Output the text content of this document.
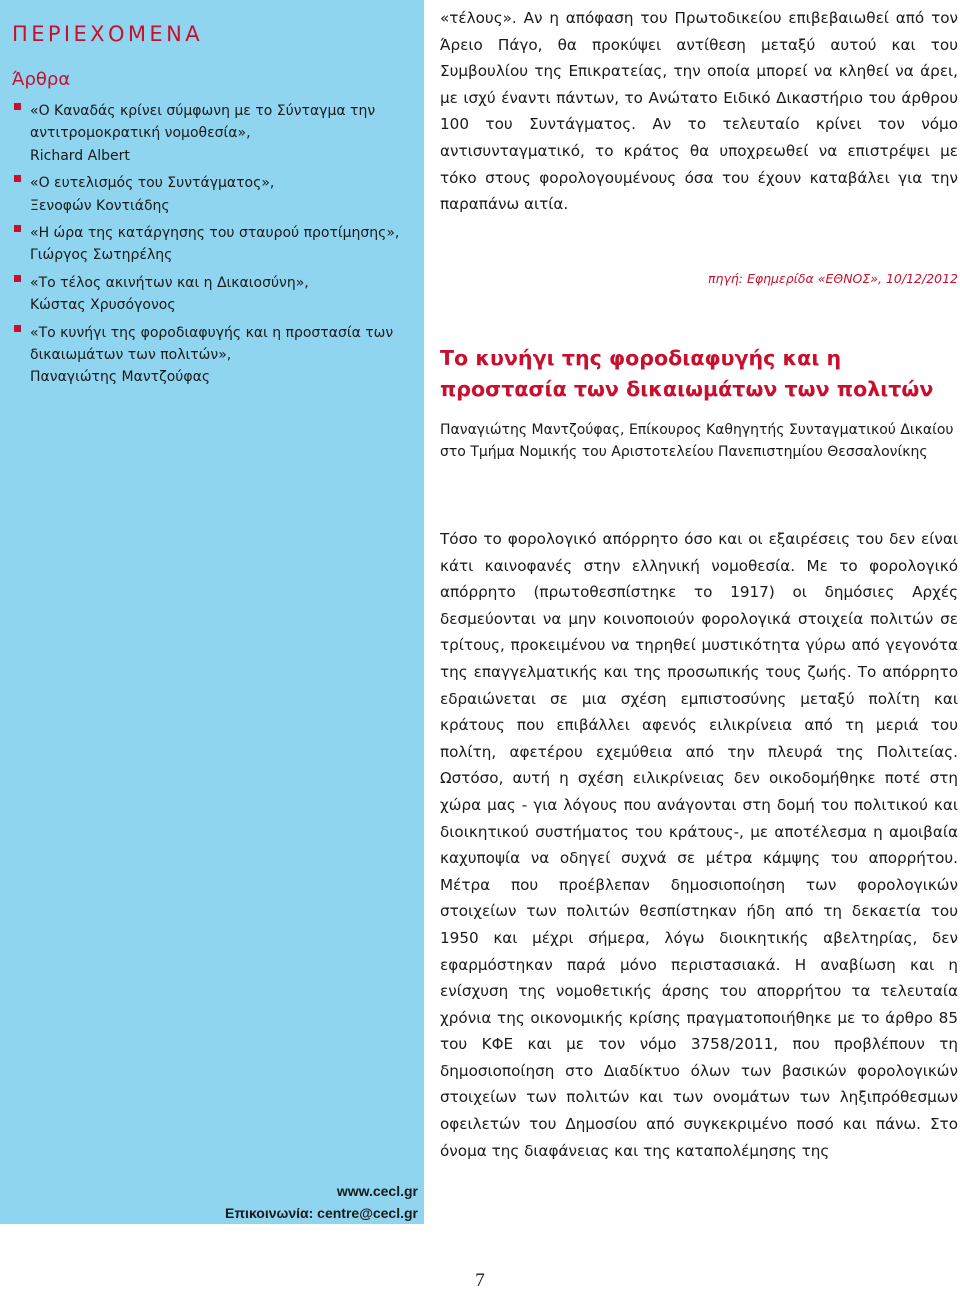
ΠΕΡΙΕΧΟΜΕΝΑ
Άρθρα
«Ο Καναδάς κρίνει σύμφωνη με το Σύνταγμα την αντιτρομοκρατική νομοθεσία»,
Richard Albert
«Ο ευτελισμός του Συντάγματος»,
Ξενοφών Κοντιάδης
«Η ώρα της κατάργησης του σταυρού προτίμησης»,
Γιώργος Σωτηρέλης
«Το τέλος ακινήτων και η Δικαιοσύνη»,
Κώστας Χρυσόγονος
«Το κυνήγι της φοροδιαφυγής και η προστασία των δικαιωμάτων των πολιτών»,
Παναγιώτης Μαντζούφας
www.cecl.gr
Επικοινωνία: centre@cecl.gr

«τέλους». Αν η απόφαση του Πρωτοδικείου επιβεβαιωθεί από τον Άρειο Πάγο, θα προκύψει αντίθεση μεταξύ αυτού και του Συμβουλίου της Επικρατείας, την οποία μπορεί να κληθεί να άρει, με ισχύ έναντι πάντων, το Ανώτατο Ειδικό Δικαστήριο του άρθρου 100 του Συντάγματος. Αν το τελευταίο κρίνει τον νόμο αντισυνταγματικό, το κράτος θα υποχρεωθεί να επιστρέψει με τόκο στους φορολογουμένους όσα του έχουν καταβάλει για την παραπάνω αιτία.

πηγή: Εφημερίδα «ΕΘΝΟΣ», 10/12/2012
Το κυνήγι της φοροδιαφυγής και η προστασία των δικαιωμάτων των πολιτών

Παναγιώτης Μαντζούφας, Επίκουρος Καθηγητής Συνταγματικού Δικαίου στο Τμήμα Νομικής του Αριστοτελείου Πανεπιστημίου Θεσσαλονίκης

Τόσο το φορολογικό απόρρητο όσο και οι εξαιρέσεις του δεν είναι κάτι καινοφανές στην ελληνική νομοθεσία. Με το φορολογικό απόρρητο (πρωτοθεσπίστηκε το 1917) οι δημόσιες Αρχές δεσμεύονται να μην κοινοποιούν φορολογικά στοιχεία πολιτών σε τρίτους, προκειμένου να τηρηθεί μυστικότητα γύρω από γεγονότα της επαγγελματικής και της προσωπικής τους ζωής. Το απόρρητο εδραιώνεται σε μια σχέση εμπιστοσύνης μεταξύ πολίτη και κράτους που επιβάλλει αφενός ειλικρίνεια από τη μεριά του πολίτη, αφετέρου εχεμύθεια από την πλευρά της Πολιτείας. Ωστόσο, αυτή η σχέση ειλικρίνειας δεν οικοδομήθηκε ποτέ στη χώρα μας - για λόγους που ανάγονται στη δομή του πολιτικού και διοικητικού συστήματος του κράτους-, με αποτέλεσμα η αμοιβαία καχυποψία να οδηγεί συχνά σε μέτρα κάμψης του απορρήτου. Μέτρα που προέβλεπαν δημοσιοποίηση των φορολογικών στοιχείων των πολιτών θεσπίστηκαν ήδη από τη δεκαετία του 1950 και μέχρι σήμερα, λόγω διοικητικής αβελτηρίας, δεν εφαρμόστηκαν παρά μόνο περιστασιακά. Η αναβίωση και η ενίσχυση της νομοθετικής άρσης του απορρήτου τα τελευταία χρόνια της οικονομικής κρίσης πραγματοποιήθηκε με το άρθρο 85 του ΚΦΕ και με τον νόμο 3758/2011, που προβλέπουν τη δημοσιοποίηση στο Διαδίκτυο όλων των βασικών φορολογικών στοιχείων των πολιτών και των ονομάτων των ληξιπρόθεσμων οφειλετών του Δημοσίου από συγκεκριμένο ποσό και πάνω. Στο όνομα της διαφάνειας και της καταπολέμησης της

7
